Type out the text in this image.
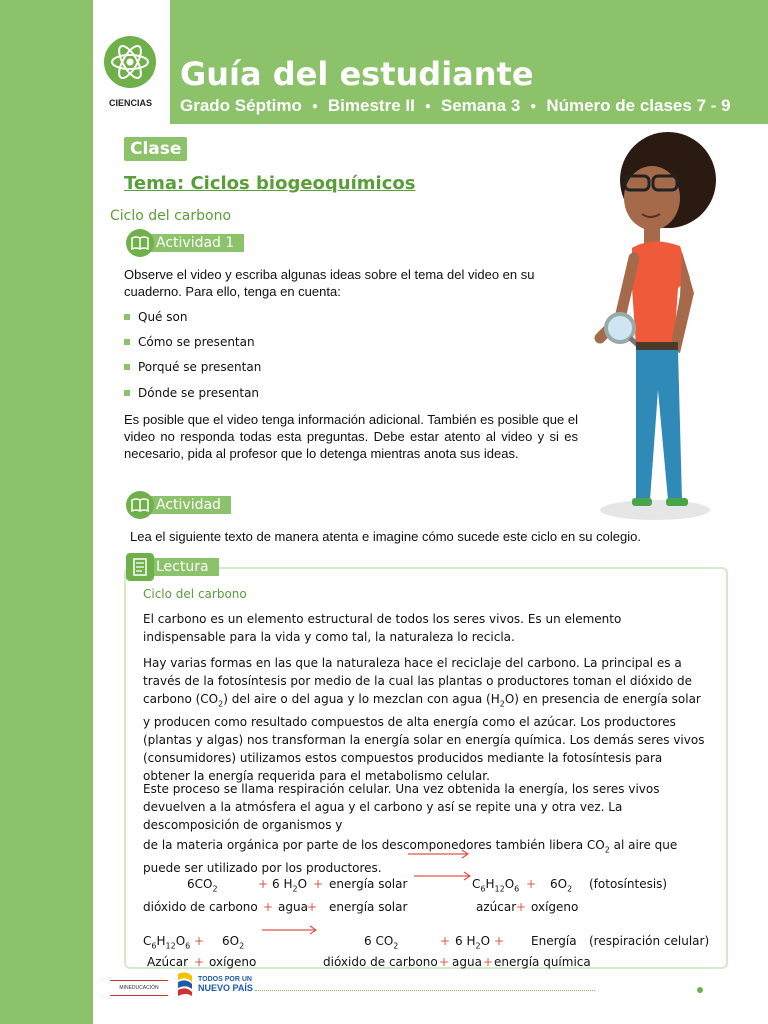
CIENCIAS
Guía del estudiante
Grado Séptimo ● Bimestre II ● Semana 3 ● Número de clases 7 - 9
Clase
Tema: Ciclos biogeoquímicos
Ciclo del carbono
Actividad 1
Observe el video y escriba algunas ideas sobre el tema del video en su cuaderno. Para ello, tenga en cuenta:
Qué son
Cómo se presentan
Porqué se presentan
Dónde se presentan
Es posible que el video tenga información adicional. También es posible que el video no responda todas esta preguntas. Debe estar atento al video y si es necesario, pida al profesor que lo detenga mientras anota sus ideas.
Actividad
Lea el siguiente texto de manera atenta e imagine cómo sucede este ciclo en su colegio.
Lectura
Ciclo del carbono
El carbono es un elemento estructural de todos los seres vivos. Es un elemento indispensable para la vida y como tal, la naturaleza lo recicla.
Hay varias formas en las que la naturaleza hace el reciclaje del carbono. La principal es a través de la fotosíntesis por medio de la cual las plantas o productores toman el dióxido de carbono $(CO_2)$ del aire o del agua y lo mezclan con agua $(H_2O)$ en presencia de energía solar y producen como resultado compuestos de alta energía como el azúcar. Los productores (plantas y algas) nos transforman la energía solar en energía química. Los demás seres vivos (consumidores) utilizamos estos compuestos producidos mediante la fotosíntesis para obtener la energía requerida para el metabolismo celular.
Este proceso se llama respiración celular. Una vez obtenida la energía, los seres vivos devuelven a la atmósfera el agua y el carbono y así se repite una y otra vez. La descomposición de organismos y
de la materia orgánica por parte de los descomponedores también libera $CO_2$ al aire que puede ser utilizado por los productores.
$6CO_2$	+ 6 $H_2O$ + energía solar	$C_6H_{12}O_6 + 6O_2$ (fotosíntesis)
dióxido de carbono + agua + energía solar	azúcar + oxígeno
$C_6H_{12}O_6 + 6O_2$	6 $CO_2$	+ 6 $H_2O$ + Energía (respiración celular)
Azúcar + oxígeno	dióxido de carbono + agua + energía química
MINEDUCACIÓN
TODOS POR UN
NUEVO PAÍS
